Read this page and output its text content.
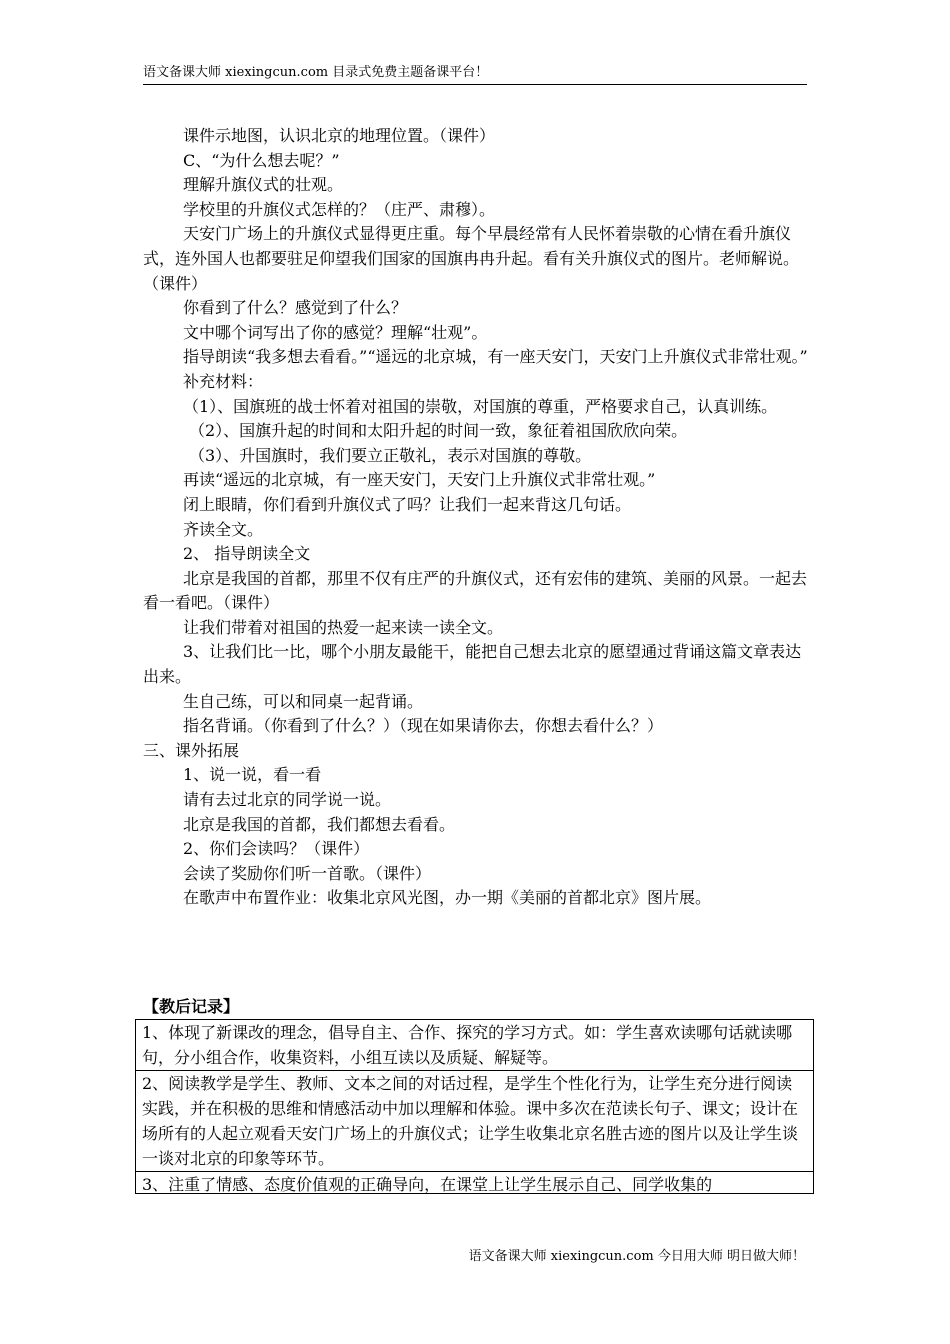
语文备课大师 xiexingcun.com 目录式免费主题备课平台！

课件示地图，认识北京的地理位置。（课件）

C、“为什么想去呢？”

理解升旗仪式的壮观。

学校里的升旗仪式怎样的？（庄严、肃穆）。

天安门广场上的升旗仪式显得更庄重。每个早晨经常有人民怀着崇敬的心情在看升旗仪式，连外国人也都要驻足仰望我们国家的国旗冉冉升起。看有关升旗仪式的图片。老师解说。（课件）

你看到了什么？感觉到了什么？

文中哪个词写出了你的感觉？理解“壮观”。

指导朗读“我多想去看看。”“遥远的北京城，有一座天安门，天安门上升旗仪式非常壮观。”

补充材料：

（1）、国旗班的战士怀着对祖国的崇敬，对国旗的尊重，严格要求自己，认真训练。

（2）、国旗升起的时间和太阳升起的时间一致，象征着祖国欣欣向荣。

（3）、升国旗时，我们要立正敬礼，表示对国旗的尊敬。

再读“遥远的北京城，有一座天安门，天安门上升旗仪式非常壮观。”

闭上眼睛，你们看到升旗仪式了吗？让我们一起来背这几句话。

齐读全文。

2、 指导朗读全文

北京是我国的首都，那里不仅有庄严的升旗仪式，还有宏伟的建筑、美丽的风景。一起去看一看吧。（课件）

让我们带着对祖国的热爱一起来读一读全文。

3、让我们比一比，哪个小朋友最能干，能把自己想去北京的愿望通过背诵这篇文章表达出来。

生自己练，可以和同桌一起背诵。

指名背诵。（你看到了什么？）（现在如果请你去，你想去看什么？）

三、课外拓展

1、说一说，看一看

请有去过北京的同学说一说。

北京是我国的首都，我们都想去看看。

2、你们会读吗？（课件）

会读了奖励你们听一首歌。（课件）

在歌声中布置作业：收集北京风光图，办一期《美丽的首都北京》图片展。

【教后记录】
1、体现了新课改的理念，倡导自主、合作、探究的学习方式。如：学生喜欢读哪句话就读哪句，分小组合作，收集资料，小组互读以及质疑、解疑等。
2、阅读教学是学生、教师、文本之间的对话过程，是学生个性化行为，让学生充分进行阅读实践，并在积极的思维和情感活动中加以理解和体验。课中多次在范读长句子、课文；设计在场所有的人起立观看天安门广场上的升旗仪式；让学生收集北京名胜古迹的图片以及让学生谈一谈对北京的印象等环节。
3、注重了情感、态度价值观的正确导向，在课堂上让学生展示自己、同学收集的
语文备课大师 xiexingcun.com 今日用大师 明日做大师！
